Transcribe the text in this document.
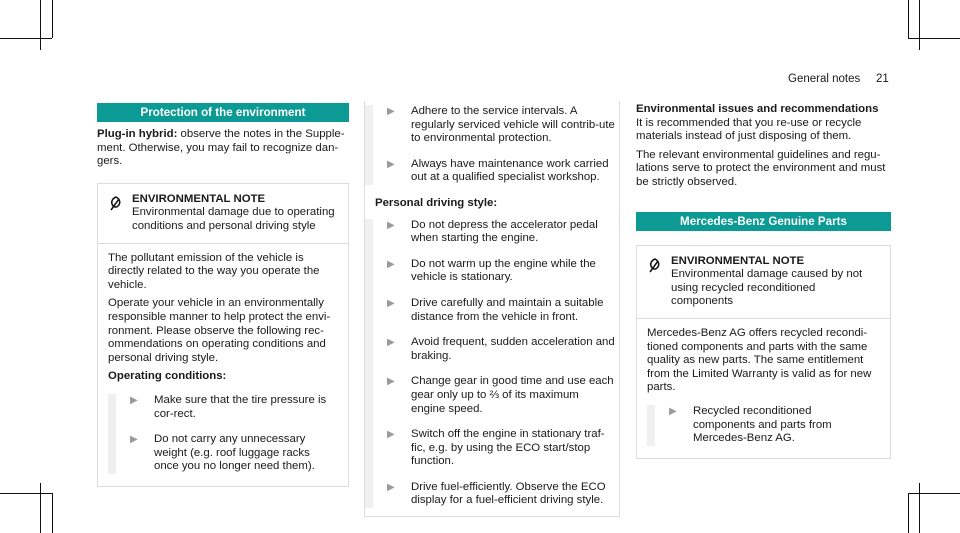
General notes 21
Protection of the environment

Plug-in hybrid: observe the notes in the Supple-ment. Otherwise, you may fail to recognize dan-gers.

ENVIRONMENTAL NOTE Environmental damage due to operating conditions and personal driving style

The pollutant emission of the vehicle is directly related to the way you operate the vehicle.

Operate your vehicle in an environmentally responsible manner to help protect the envi-ronment. Please observe the following rec-ommendations on operating conditions and personal driving style.

Operating conditions:

▶ Make sure that the tire pressure is cor-rect.
▶ Do not carry any unnecessary weight (e.g. roof luggage racks once you no longer need them).
▶ Adhere to the service intervals. A regularly serviced vehicle will contrib-ute to environmental protection.
▶ Always have maintenance work carried out at a qualified specialist workshop.
Personal driving style:
▶ Do not depress the accelerator pedal when starting the engine.
▶ Do not warm up the engine while the vehicle is stationary.
▶ Drive carefully and maintain a suitable distance from the vehicle in front.
▶ Avoid frequent, sudden acceleration and braking.
▶ Change gear in good time and use each gear only up to ⅔ of its maximum engine speed.
▶ Switch off the engine in stationary traf-fic, e.g. by using the ECO start/stop function.
▶ Drive fuel-efficiently. Observe the ECO display for a fuel-efficient driving style.

Environmental issues and recommendations

It is recommended that you re-use or recycle materials instead of just disposing of them.

The relevant environmental guidelines and regu-lations serve to protect the environment and must be strictly observed.

Mercedes-Benz Genuine Parts
ENVIRONMENTAL NOTE Environmental damage caused by not using recycled reconditioned components

Mercedes-Benz AG offers recycled recondi-tioned components and parts with the same quality as new parts. The same entitlement from the Limited Warranty is valid as for new parts.

▶ Recycled reconditioned components and parts from Mercedes-Benz AG.
